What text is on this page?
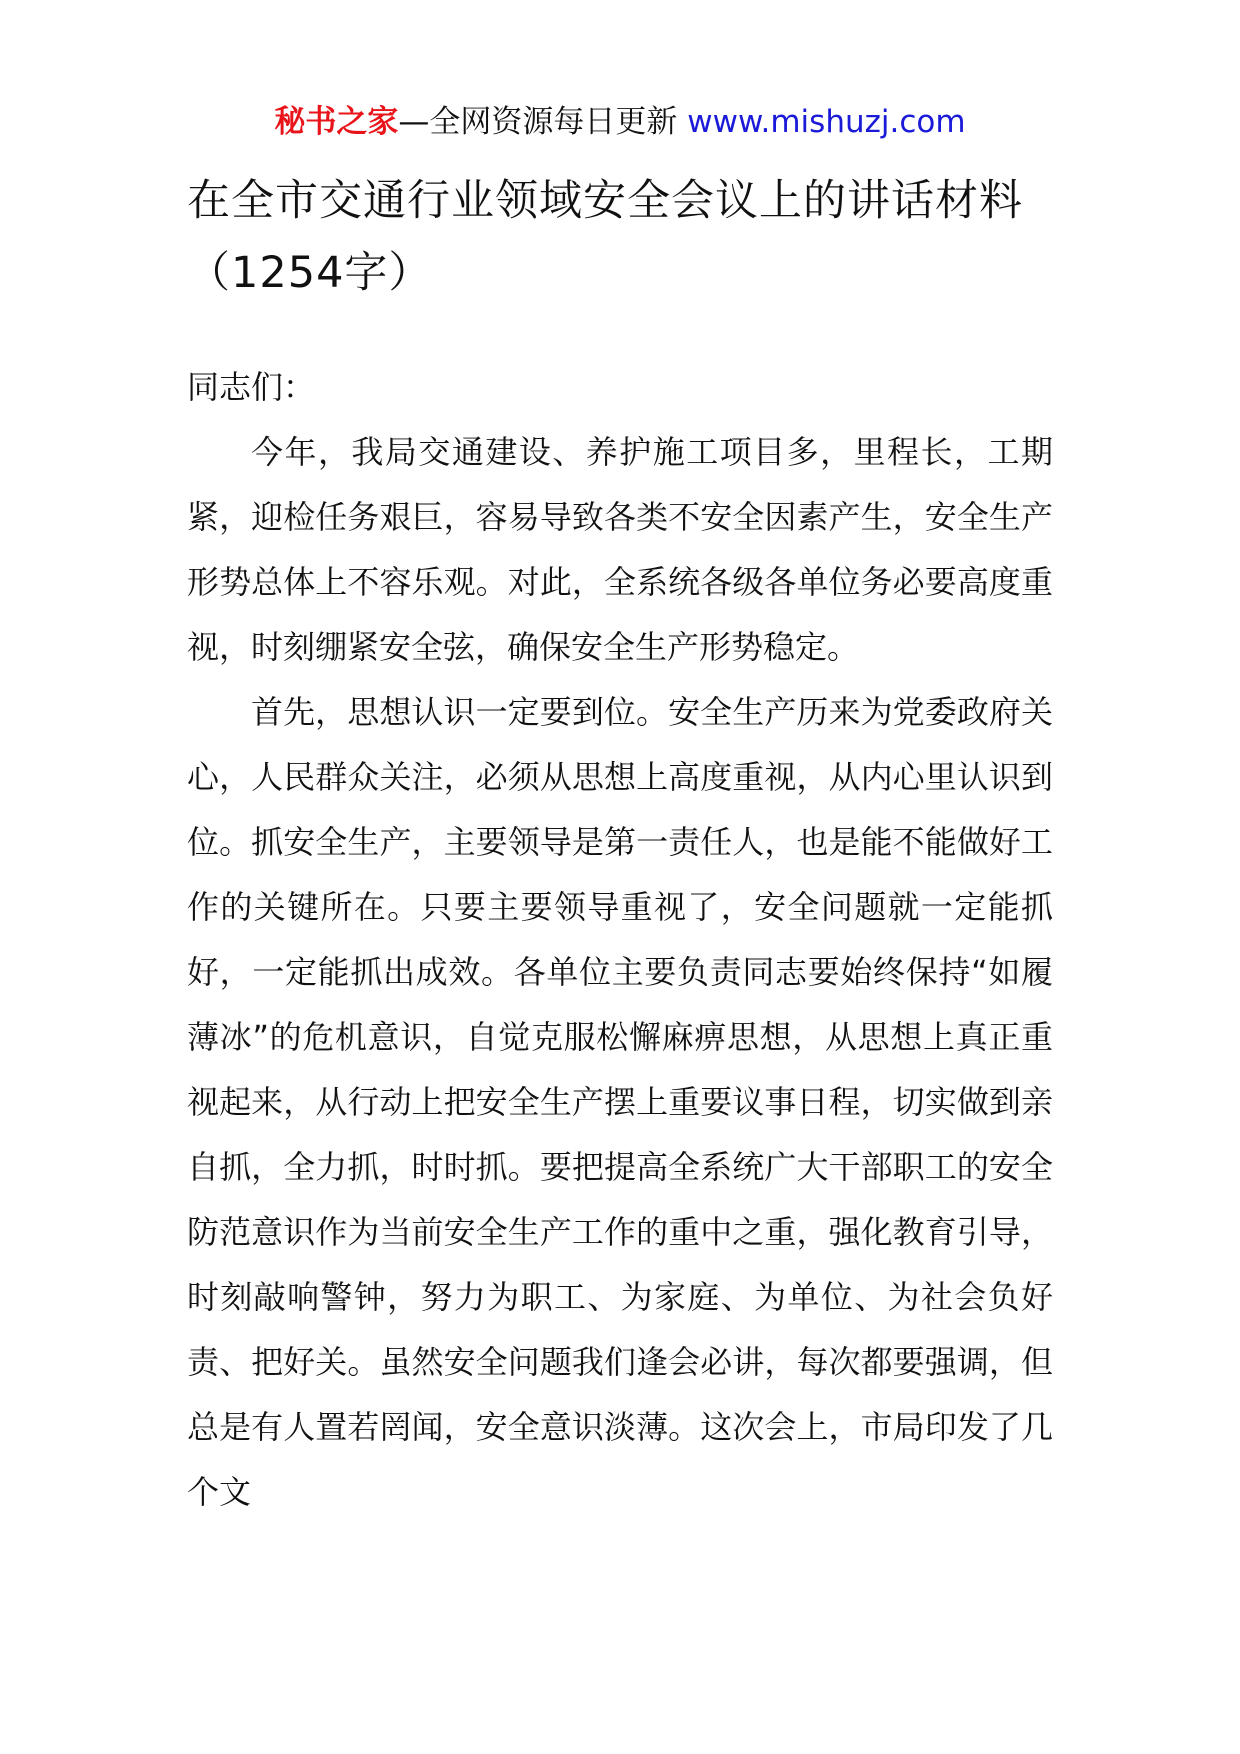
秘书之家—全网资源每日更新 www.mishuzj.com
在全市交通行业领域安全会议上的讲话材料（1254字）

同志们：

今年，我局交通建设、养护施工项目多，里程长，工期紧，迎检任务艰巨，容易导致各类不安全因素产生，安全生产形势总体上不容乐观。对此，全系统各级各单位务必要高度重视，时刻绷紧安全弦，确保安全生产形势稳定。

首先，思想认识一定要到位。安全生产历来为党委政府关心，人民群众关注，必须从思想上高度重视，从内心里认识到位。抓安全生产，主要领导是第一责任人，也是能不能做好工作的关键所在。只要主要领导重视了，安全问题就一定能抓好，一定能抓出成效。各单位主要负责同志要始终保持“如履薄冰”的危机意识，自觉克服松懈麻痹思想，从思想上真正重视起来，从行动上把安全生产摆上重要议事日程，切实做到亲自抓，全力抓，时时抓。要把提高全系统广大干部职工的安全防范意识作为当前安全生产工作的重中之重，强化教育引导，时刻敲响警钟，努力为职工、为家庭、为单位、为社会负好责、把好关。虽然安全问题我们逢会必讲，每次都要强调，但总是有人置若罔闻，安全意识淡薄。这次会上，市局印发了几个文
